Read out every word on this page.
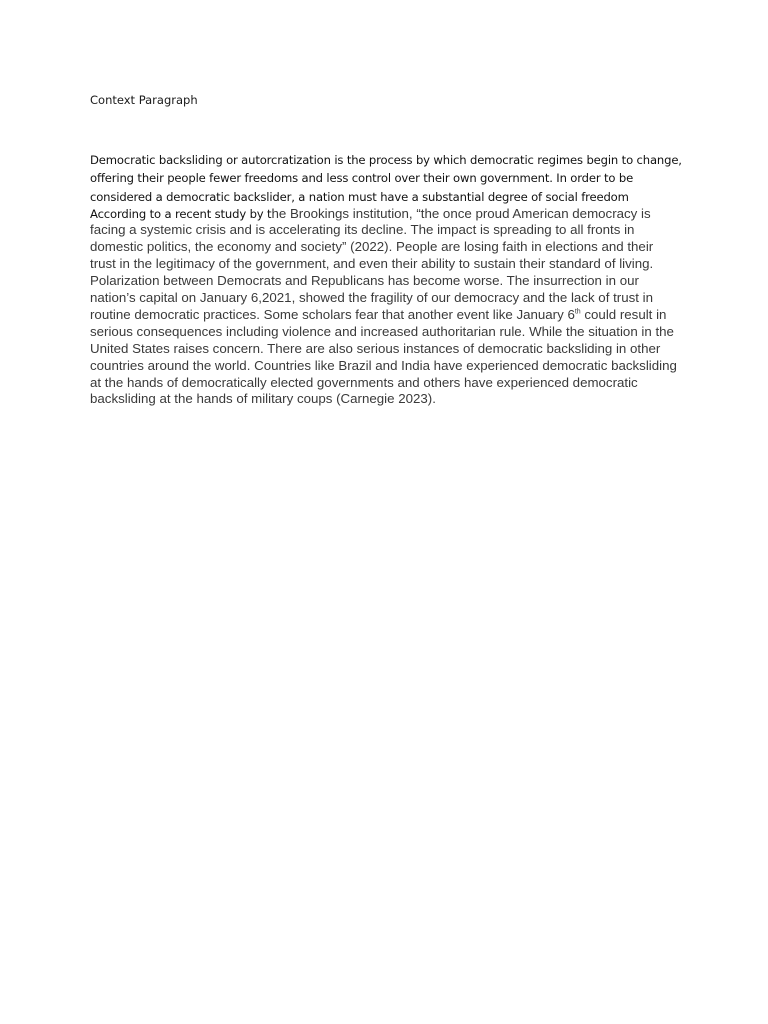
Context Paragraph
Democratic backsliding or autorcratization is the process by which democratic regimes begin to change,
offering their people fewer freedoms and less control over their own government. In order to be
considered a democratic backslider, a nation must have a substantial degree of social freedom
According to a recent study by the Brookings institution, “the once proud American democracy is
facing a systemic crisis and is accelerating its decline. The impact is spreading to all fronts in
domestic politics, the economy and society” (2022). People are losing faith in elections and their
trust in the legitimacy of the government, and even their ability to sustain their standard of living.
Polarization between Democrats and Republicans has become worse. The insurrection in our
nation’s capital on January 6,2021, showed the fragility of our democracy and the lack of trust in
routine democratic practices. Some scholars fear that another event like January 6th could result in
serious consequences including violence and increased authoritarian rule. While the situation in the
United States raises concern. There are also serious instances of democratic backsliding in other
countries around the world. Countries like Brazil and India have experienced democratic backsliding
at the hands of democratically elected governments and others have experienced democratic
backsliding at the hands of military coups (Carnegie 2023).
